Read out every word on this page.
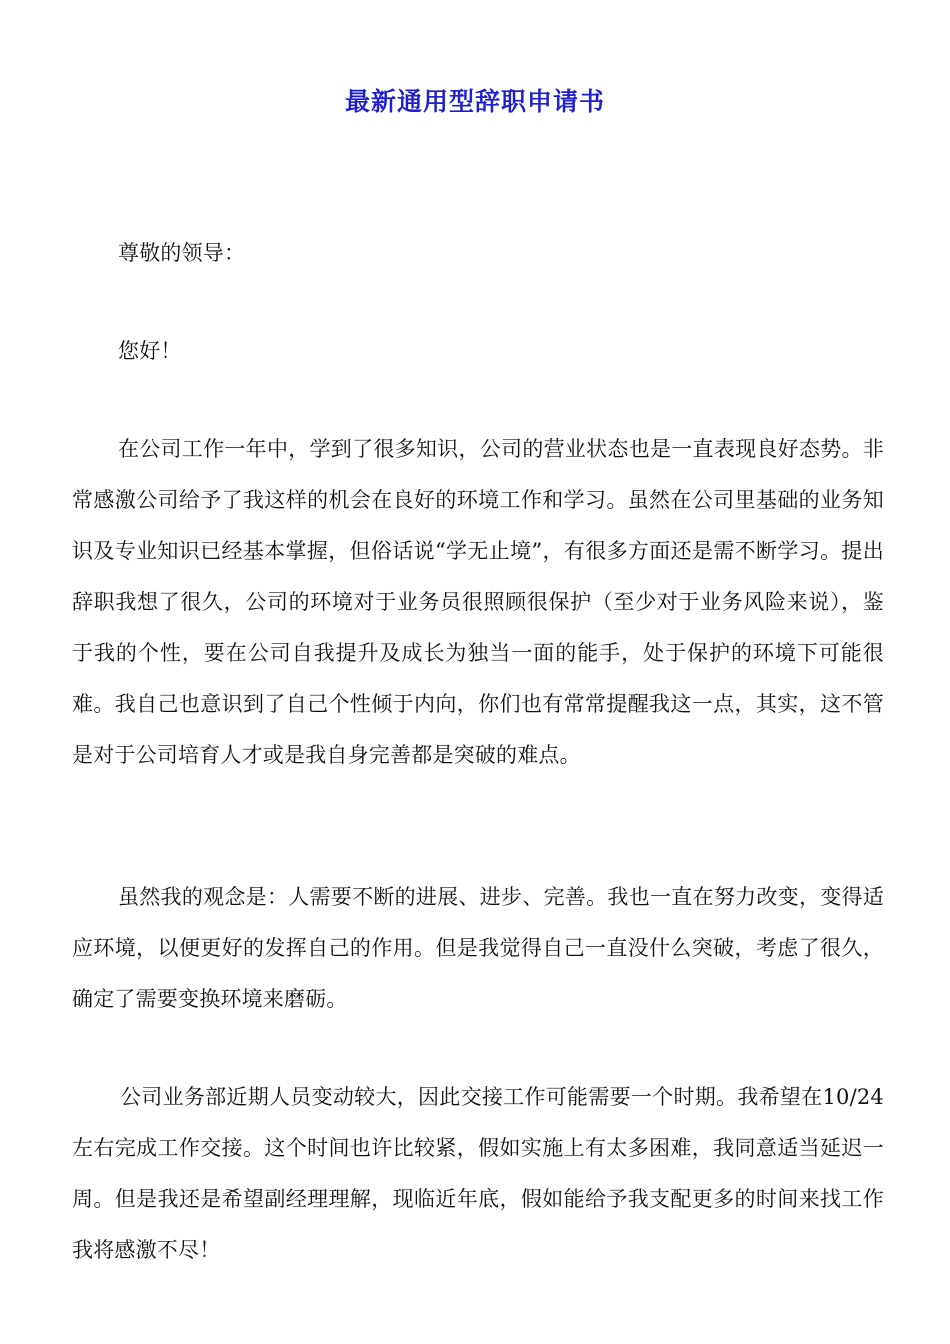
最新通用型辞职申请书

尊敬的领导：

您好！

在公司工作一年中，学到了很多知识，公司的营业状态也是一直表现良好态势。非常感激公司给予了我这样的机会在良好的环境工作和学习。虽然在公司里基础的业务知识及专业知识已经基本掌握，但俗话说“学无止境”，有很多方面还是需不断学习。提出辞职我想了很久，公司的环境对于业务员很照顾很保护（至少对于业务风险来说），鉴于我的个性，要在公司自我提升及成长为独当一面的能手，处于保护的环境下可能很难。我自己也意识到了自己个性倾于内向，你们也有常常提醒我这一点，其实，这不管是对于公司培育人才或是我自身完善都是突破的难点。

虽然我的观念是：人需要不断的进展、进步、完善。我也一直在努力改变，变得适应环境，以便更好的发挥自己的作用。但是我觉得自己一直没什么突破，考虑了很久，确定了需要变换环境来磨砺。

公司业务部近期人员变动较大，因此交接工作可能需要一个时期。我希望在10/24左右完成工作交接。这个时间也许比较紧，假如实施上有太多困难，我同意适当延迟一周。但是我还是希望副经理理解，现临近年底，假如能给予我支配更多的时间来找工作我将感激不尽！
